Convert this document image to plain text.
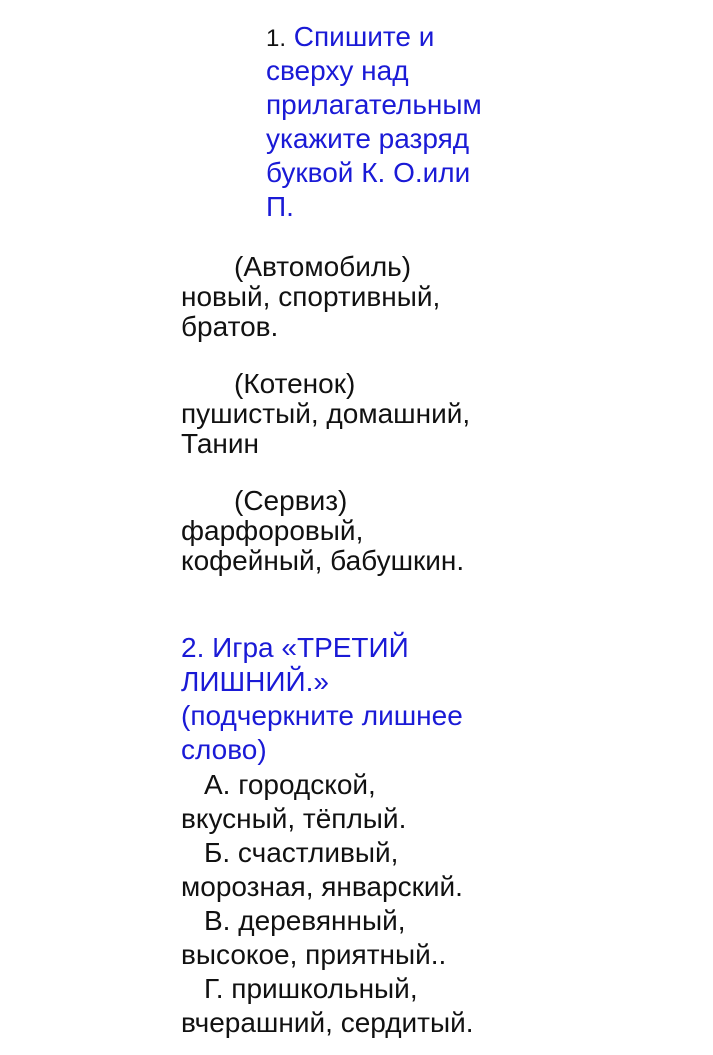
1. Спишите и
сверху над
прилагательным
укажите разряд
буквой К. О.или
П.
(Автомобиль)
новый, спортивный,
братов.
(Котенок)
пушистый, домашний,
Танин
(Сервиз)
фарфоровый,
кофейный, бабушкин.
2. Игра «ТРЕТИЙ
ЛИШНИЙ.»
(подчеркните лишнее
слово)
А. городской,
вкусный, тёплый.
Б. счастливый,
морозная, январский.
В. деревянный,
высокое, приятный..
Г. пришкольный,
вчерашний, сердитый.
